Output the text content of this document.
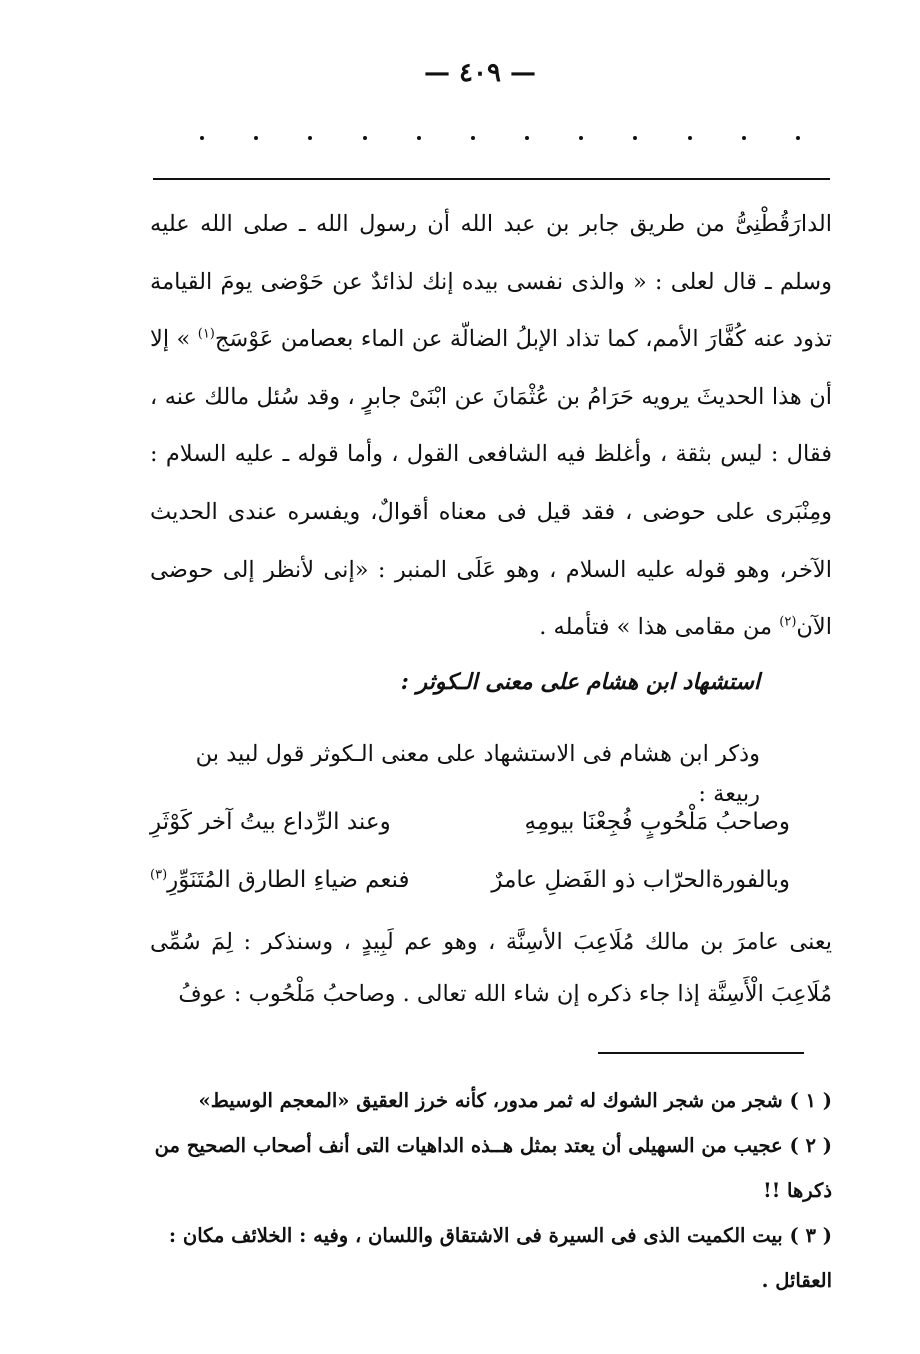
— ٤٠٩ —

الدارَقُطْنِىُّ من طريق جابر بن عبد الله أن رسول الله ـ صلى الله عليه وسلم ـ قال لعلى : « والذى نفسى بيده إنك لذائدٌ عن حَوْضى يومَ القيامة تذود عنه كُفَّارَ الأمم، كما تذاد الإبلُ الضالّة عن الماء بعصامن عَوْسَج$^{(١)}$ » إلا أن هذا الحديثَ يرويه حَرَامُ بن عُثْمَانَ عن ابْنَىْ جابرٍ ، وقد سُئل مالك عنه ، فقال : ليس بثقة ، وأغلظ فيه الشافعى القول ، وأما قوله ـ عليه السلام : ومِنْبَرى على حوضى ، فقد قيل فى معناه أقوالٌ، ويفسره عندى الحديث الآخر، وهو قوله عليه السلام ، وهو عَلَى المنبر : «إنى لأنظر إلى حوضى الآن$^{(٢)}$ من مقامى هذا » فتأمله .

استشهاد ابن هشام على معنى الـكوثر :
وذكر ابن هشام فى الاستشهاد على معنى الـكوثر قول لبيد بن ربيعة :
وصاحبُ مَلْحُوبٍ فُجِعْنَا بيومِهِ
وعند الرِّداع بيتُ آخر كَوْثَرِ
وبالفورةالحرّاب ذو الفَضلِ عامرٌ
فنعم ضياءِ الطارق المُتَنَوِّرِ$^{(٣)}$

يعنى عامرَ بن مالك مُلَاعِبَ الأسِنَّة ، وهو عم لَبِيدٍ ، وسنذكر : لِمَ سُمِّى مُلَاعِبَ الْأَسِنَّة إذا جاء ذكره إن شاء الله تعالى . وصاحبُ مَلْحُوب : عوفُ

( ١ ) شجر من شجر الشوك له ثمر مدور، كأنه خرز العقيق «المعجم الوسيط»

( ٢ ) عجيب من السهيلى أن يعتد بمثل هــذه الداهيات التى أنف أصحاب الصحيح من ذكرها !!

( ٣ ) بيت الكميت الذى فى السيرة فى الاشتقاق واللسان ، وفيه : الخلائف مكان : العقائل .
